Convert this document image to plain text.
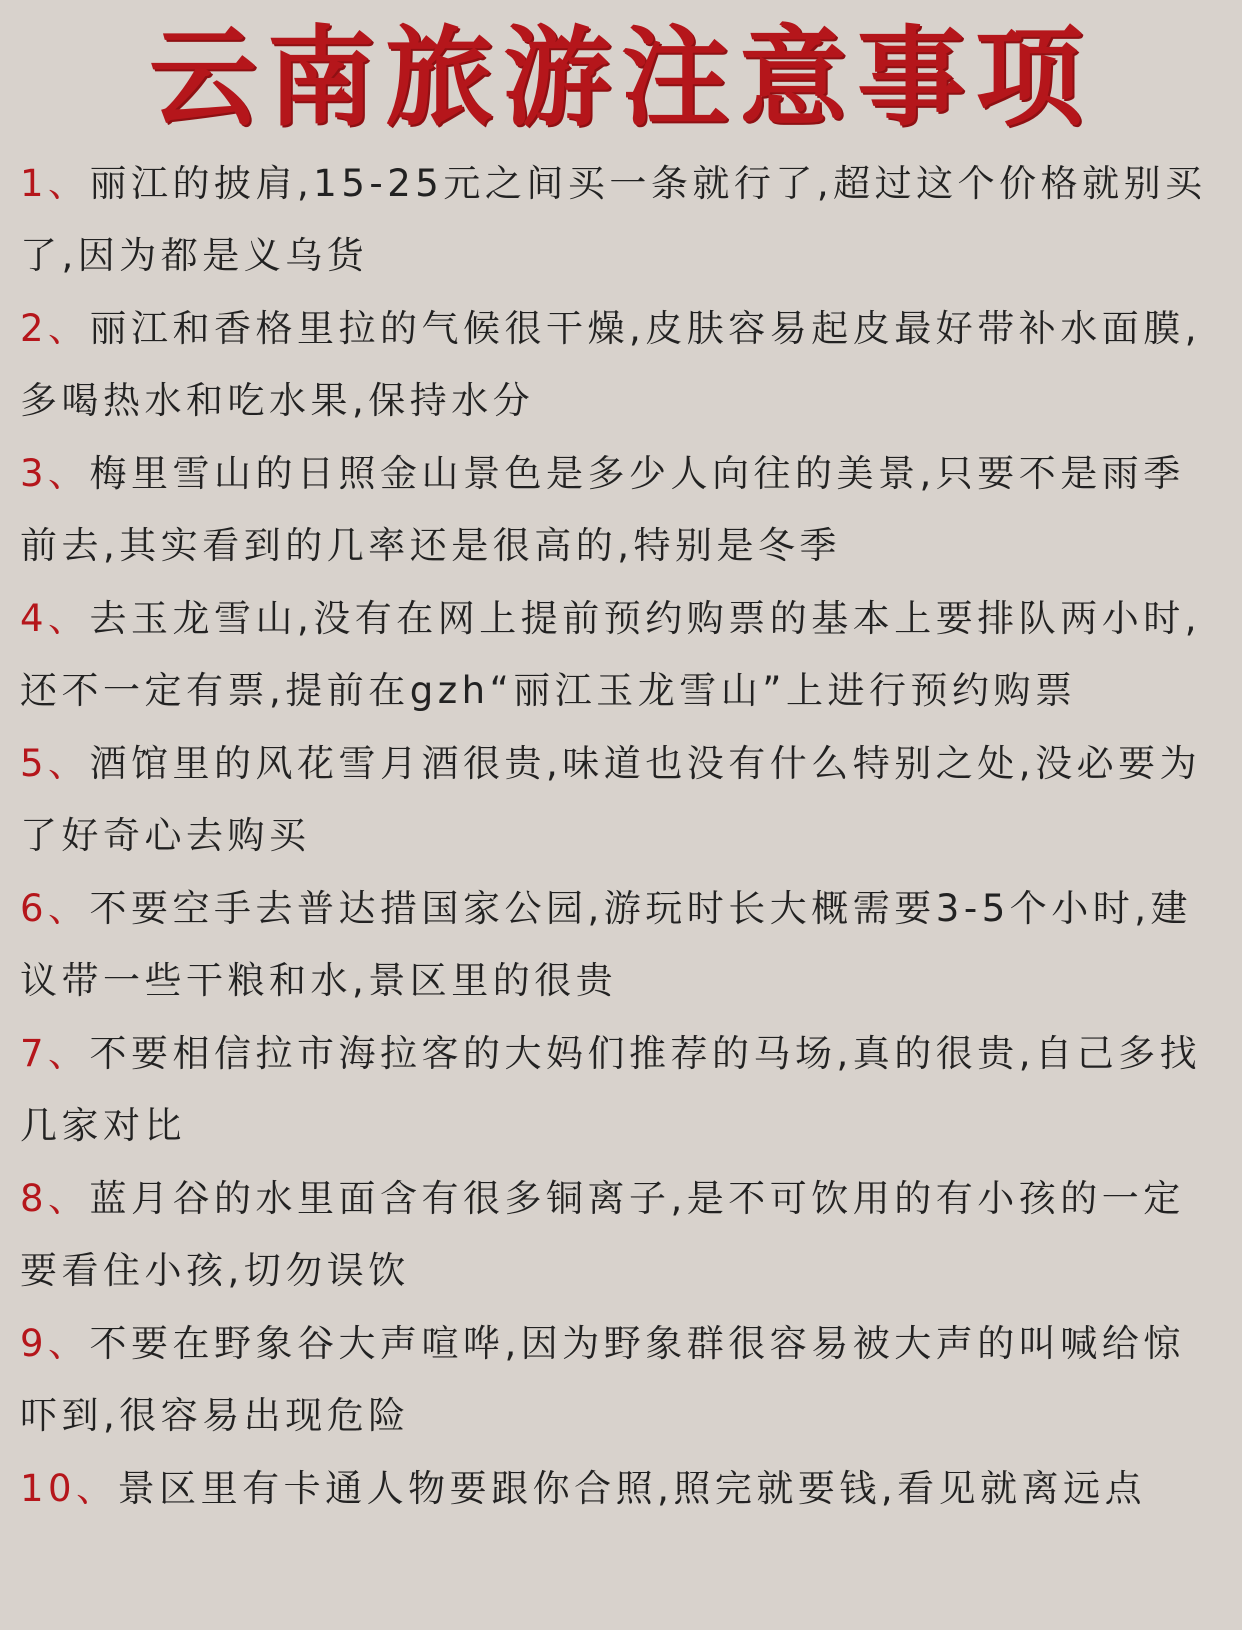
云南旅游注意事项
1、丽江的披肩,15-25元之间买一条就行了,超过这个价格就别买了,因为都是义乌货
2、丽江和香格里拉的气候很干燥,皮肤容易起皮最好带补水面膜,多喝热水和吃水果,保持水分
3、梅里雪山的日照金山景色是多少人向往的美景,只要不是雨季前去,其实看到的几率还是很高的,特别是冬季
4、去玉龙雪山,没有在网上提前预约购票的基本上要排队两小时,还不一定有票,提前在gzh“丽江玉龙雪山”上进行预约购票
5、酒馆里的风花雪月酒很贵,味道也没有什么特别之处,没必要为了好奇心去购买
6、不要空手去普达措国家公园,游玩时长大概需要3-5个小时,建议带一些干粮和水,景区里的很贵
7、不要相信拉市海拉客的大妈们推荐的马场,真的很贵,自己多找几家对比
8、蓝月谷的水里面含有很多铜离子,是不可饮用的有小孩的一定要看住小孩,切勿误饮
9、不要在野象谷大声喧哗,因为野象群很容易被大声的叫喊给惊吓到,很容易出现危险
10、景区里有卡通人物要跟你合照,照完就要钱,看见就离远点
